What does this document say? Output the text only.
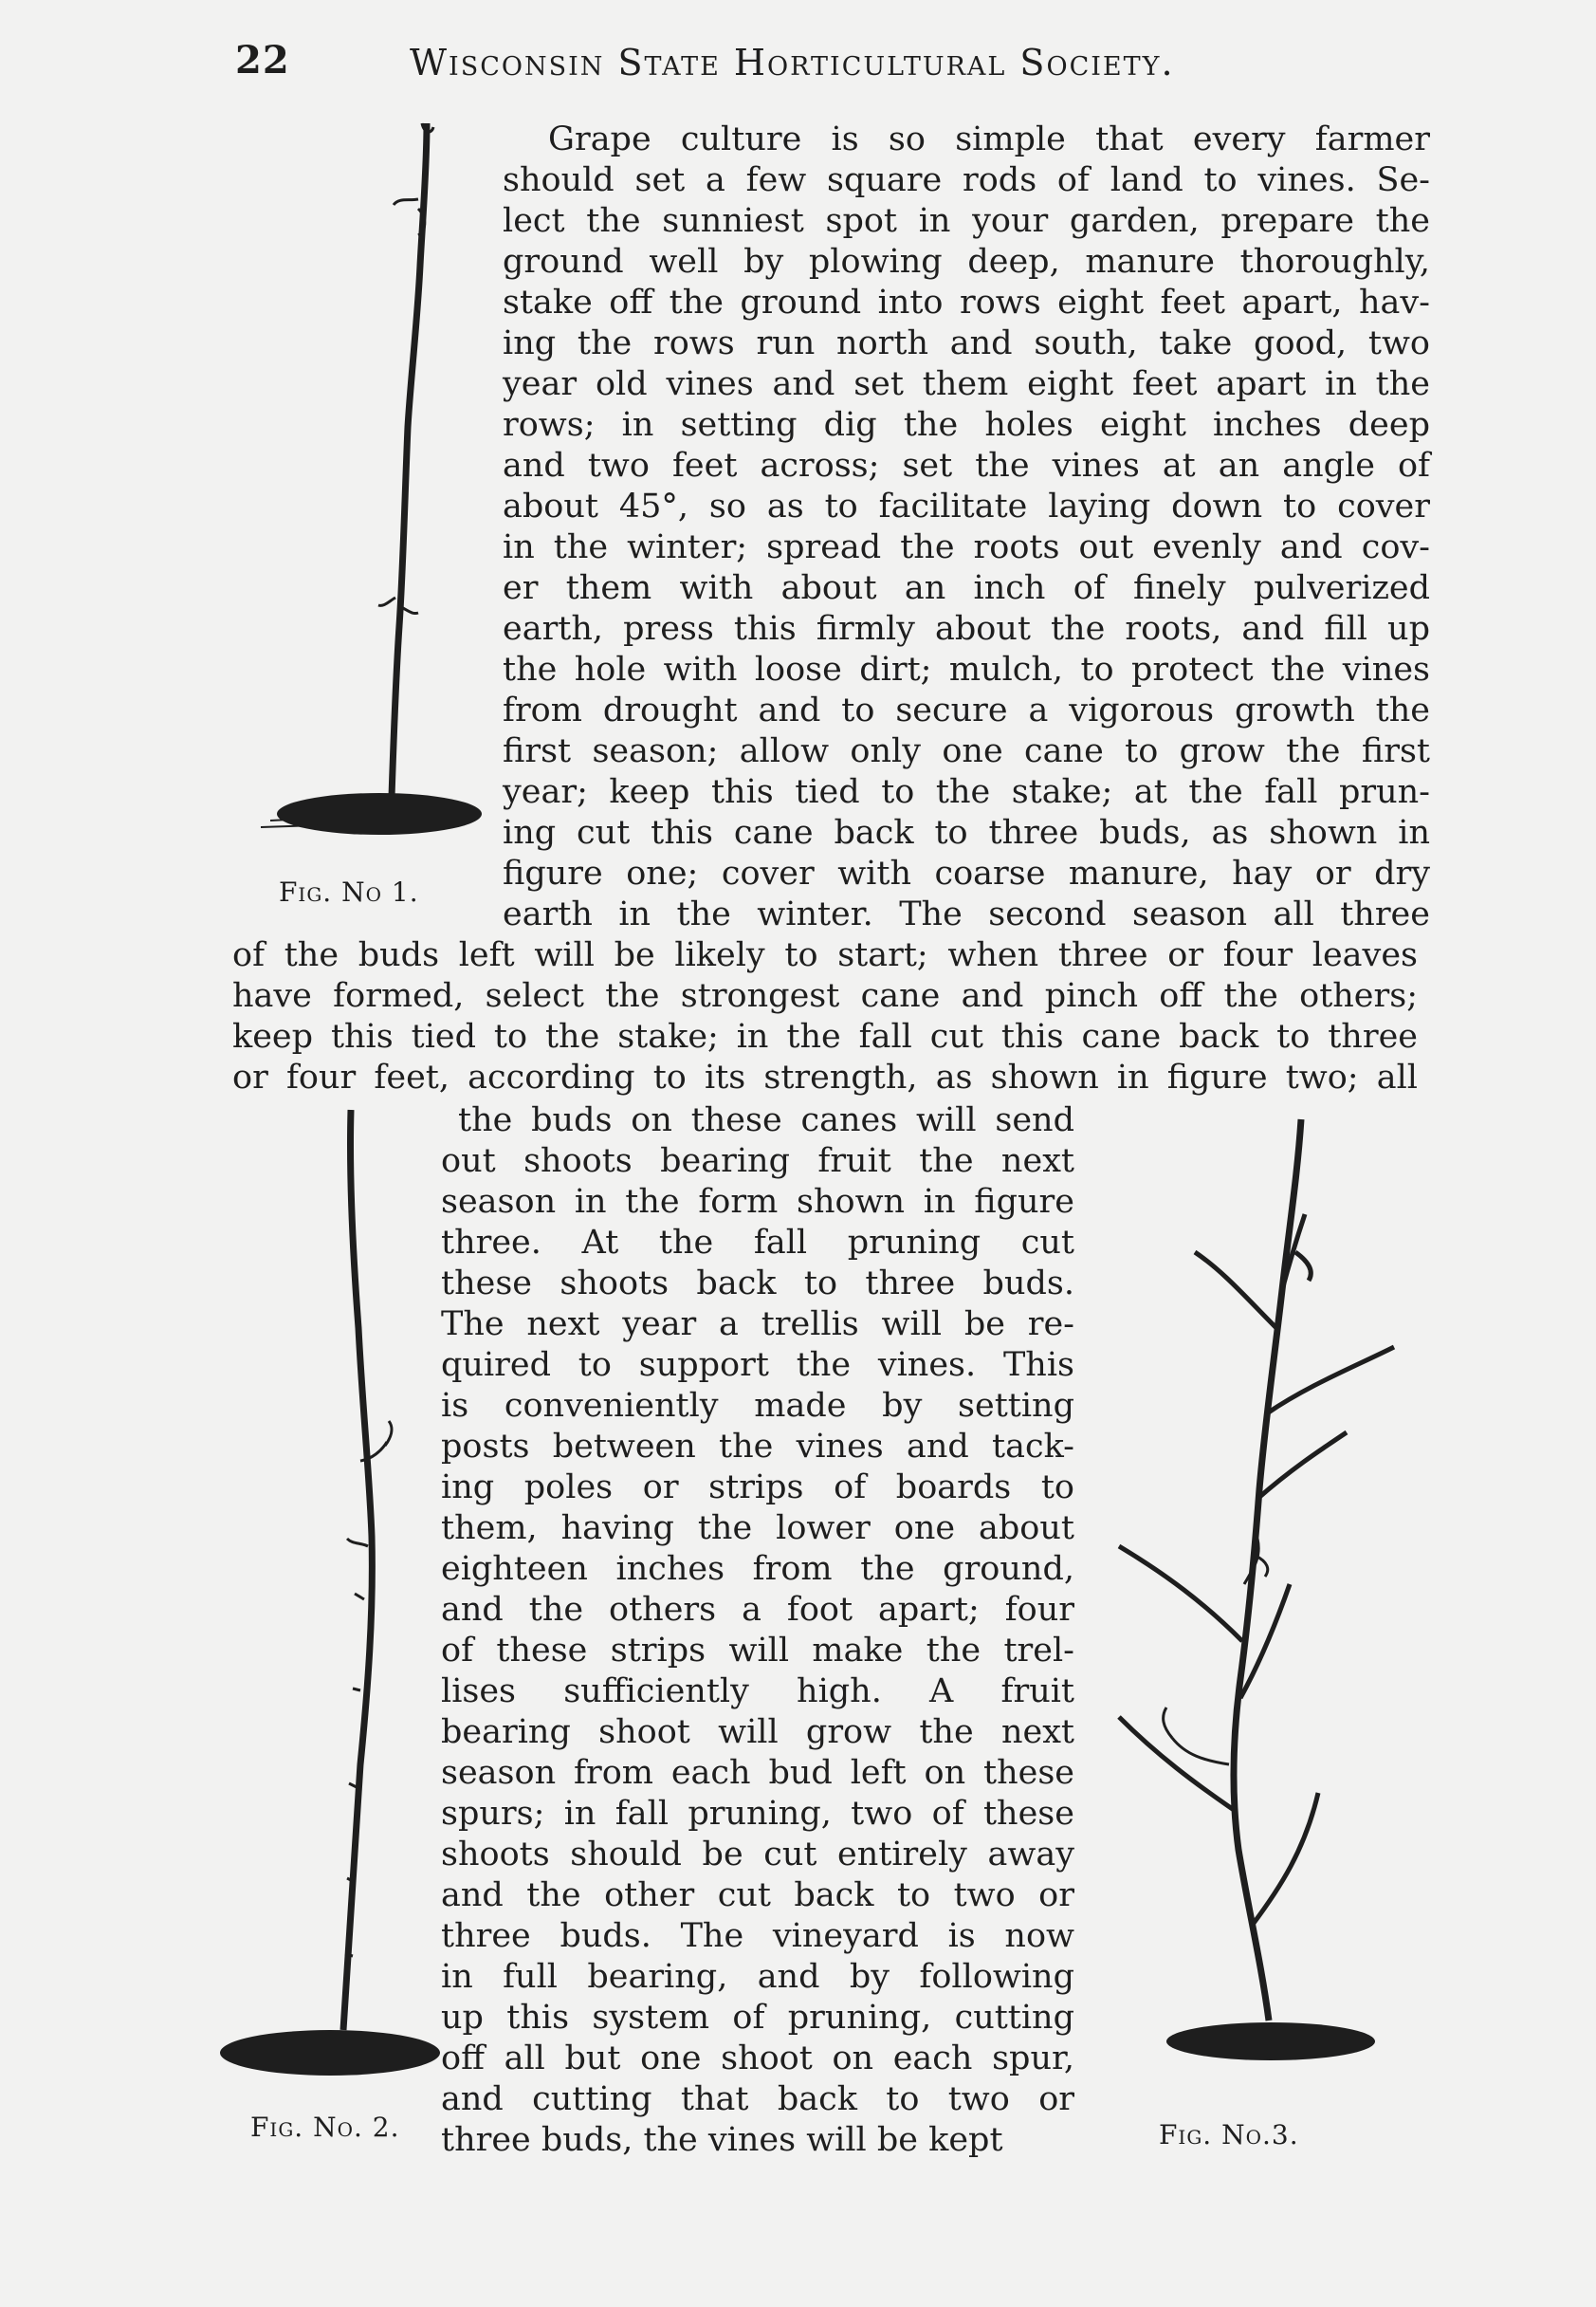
22	Wisconsin State Horticultural Society.
Fig. No 1.
Grape culture is so simple that every farmer
should set a few square rods of land to vines. Se-
lect the sunniest spot in your garden, prepare the
ground well by plowing deep, manure thoroughly,
stake off the ground into rows eight feet apart, hav-
ing the rows run north and south, take good, two
year old vines and set them eight feet apart in the
rows; in setting dig the holes eight inches deep
and two feet across; set the vines at an angle of
about 45°, so as to facilitate laying down to cover
in the winter; spread the roots out evenly and cov-
er them with about an inch of finely pulverized
earth, press this firmly about the roots, and fill up
the hole with loose dirt; mulch, to protect the vines
from drought and to secure a vigorous growth the
first season; allow only one cane to grow the first
year; keep this tied to the stake; at the fall prun-
ing cut this cane back to three buds, as shown in
figure one; cover with coarse manure, hay or dry
earth in the winter. The second season all three
of the buds left will be likely to start; when three or four leaves
have formed, select the strongest cane and pinch off the others;
keep this tied to the stake; in the fall cut this cane back to three
or four feet, according to its strength, as shown in figure two; all
Fig. No. 2.
the buds on these canes will send
out shoots bearing fruit the next
season in the form shown in figure
three. At the fall pruning cut
these shoots back to three buds.
The next year a trellis will be re-
quired to support the vines. This
is conveniently made by setting
posts between the vines and tack-
ing poles or strips of boards to
them, having the lower one about
eighteen inches from the ground,
and the others a foot apart; four
of these strips will make the trel-
lises sufficiently high. A fruit
bearing shoot will grow the next
season from each bud left on these
spurs; in fall pruning, two of these
shoots should be cut entirely away
and the other cut back to two or
three buds. The vineyard is now
in full bearing, and by following
up this system of pruning, cutting
off all but one shoot on each spur,
and cutting that back to two or
three buds, the vines will be kept	Fig. No.3.
